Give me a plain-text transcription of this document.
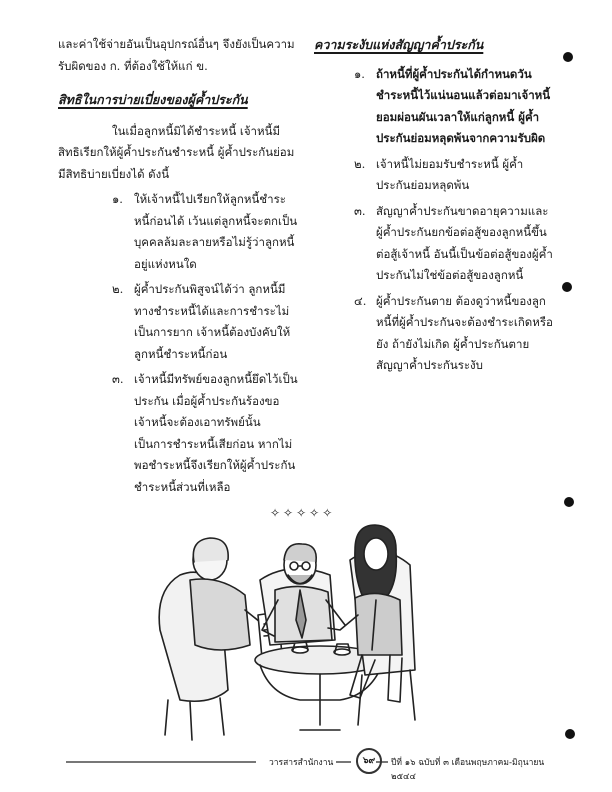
และค่าใช้จ่ายอันเป็นอุปกรณ์อื่นๆ จึงยังเป็นความรับผิดของ ก. ที่ต้องใช้ให้แก่ ข.

สิทธิในการบ่ายเบี่ยงของผู้ค้ำประกัน

ในเมื่อลูกหนี้มิได้ชำระหนี้ เจ้าหนี้มีสิทธิเรียกให้ผู้ค้ำประกันชำระหนี้ ผู้ค้ำประกันย่อมมีสิทธิบ่ายเบี่ยงได้ ดังนี้

๑. ให้เจ้าหนี้ไปเรียกให้ลูกหนี้ชำระหนี้ก่อนได้ เว้นแต่ลูกหนี้จะตกเป็นบุคคลล้มละลายหรือไม่รู้ว่าลูกหนี้อยู่แห่งหนใด
๒. ผู้ค้ำประกันพิสูจน์ได้ว่า ลูกหนี้มีทางชำระหนี้ได้และการชำระไม่เป็นการยาก เจ้าหนี้ต้องบังคับให้ลูกหนี้ชำระหนี้ก่อน
๓. เจ้าหนี้มีทรัพย์ของลูกหนี้ยึดไว้เป็นประกัน เมื่อผู้ค้ำประกันร้องขอ เจ้าหนี้จะต้องเอาทรัพย์นั้นเป็นการชำระหนี้เสียก่อน หากไม่พอชำระหนี้จึงเรียกให้ผู้ค้ำประกันชำระหนี้ส่วนที่เหลือ

ความระงับแห่งสัญญาค้ำประกัน

๑. ถ้าหนี้ที่ผู้ค้ำประกันได้กำหนดวันชำระหนี้ไว้แน่นอนแล้วต่อมาเจ้าหนี้ยอมผ่อนผันเวลาให้แก่ลูกหนี้ ผู้ค้ำประกันย่อมหลุดพ้นจากความรับผิด
๒. เจ้าหนี้ไม่ยอมรับชำระหนี้ ผู้ค้ำประกันย่อมหลุดพ้น
๓. สัญญาค้ำประกันขาดอายุความและผู้ค้ำประกันยกข้อต่อสู้ของลูกหนี้ขึ้นต่อสู้เจ้าหนี้ อันนี้เป็นข้อต่อสู้ของผู้ค้ำประกันไม่ใช่ข้อต่อสู้ของลูกหนี้
๔. ผู้ค้ำประกันตาย ต้องดูว่าหนี้ของลูกหนี้ที่ผู้ค้ำประกันจะต้องชำระเกิดหรือยัง ถ้ายังไม่เกิด ผู้ค้ำประกันตาย สัญญาค้ำประกันระงับ
✧✧✧✧✧
วารสารสำนักงาน	๖๙	ปีที่ ๑๖ ฉบับที่ ๓ เดือนพฤษภาคม-มิถุนายน ๒๕๔๔
